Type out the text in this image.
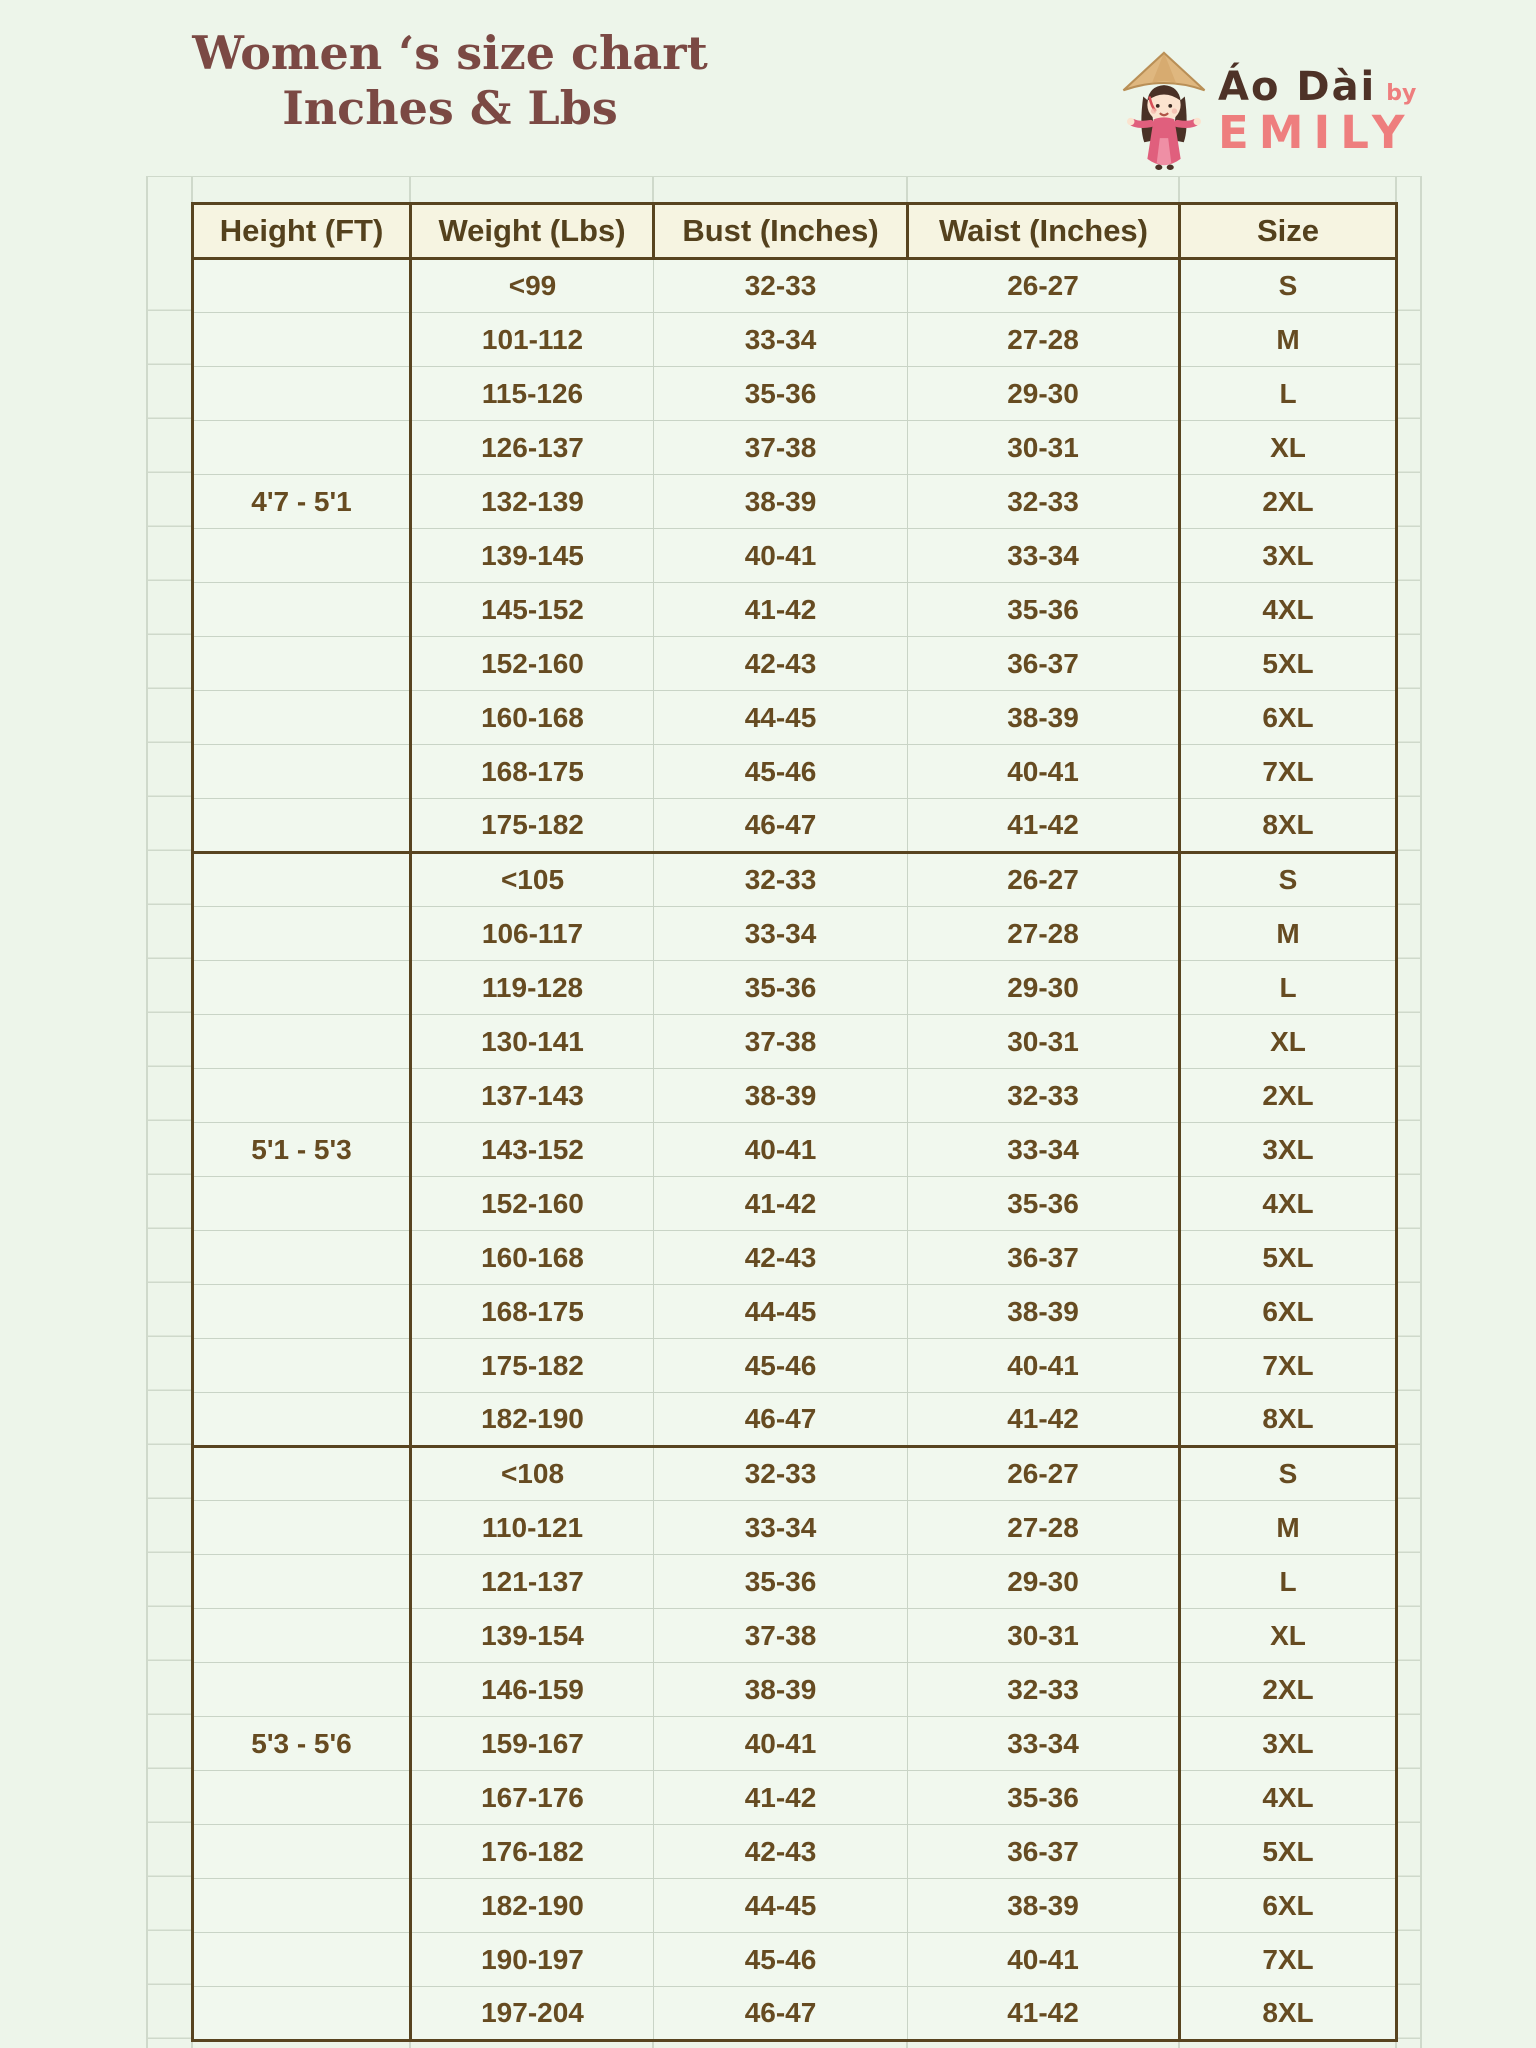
Women ‘s size chart
Inches & Lbs	Áo Dài by
EMILY
Height (FT)	Weight (Lbs)	Bust (Inches)	Waist (Inches)	Size
	<99	32-33	26-27	S
	101-112	33-34	27-28	M
	115-126	35-36	29-30	L
	126-137	37-38	30-31	XL
4'7 - 5'1	132-139	38-39	32-33	2XL
	139-145	40-41	33-34	3XL
	145-152	41-42	35-36	4XL
	152-160	42-43	36-37	5XL
	160-168	44-45	38-39	6XL
	168-175	45-46	40-41	7XL
	175-182	46-47	41-42	8XL
	<105	32-33	26-27	S
	106-117	33-34	27-28	M
	119-128	35-36	29-30	L
	130-141	37-38	30-31	XL
	137-143	38-39	32-33	2XL
5'1 - 5'3	143-152	40-41	33-34	3XL
	152-160	41-42	35-36	4XL
	160-168	42-43	36-37	5XL
	168-175	44-45	38-39	6XL
	175-182	45-46	40-41	7XL
	182-190	46-47	41-42	8XL
	<108	32-33	26-27	S
	110-121	33-34	27-28	M
	121-137	35-36	29-30	L
	139-154	37-38	30-31	XL
	146-159	38-39	32-33	2XL
5'3 - 5'6	159-167	40-41	33-34	3XL
	167-176	41-42	35-36	4XL
	176-182	42-43	36-37	5XL
	182-190	44-45	38-39	6XL
	190-197	45-46	40-41	7XL
	197-204	46-47	41-42	8XL
